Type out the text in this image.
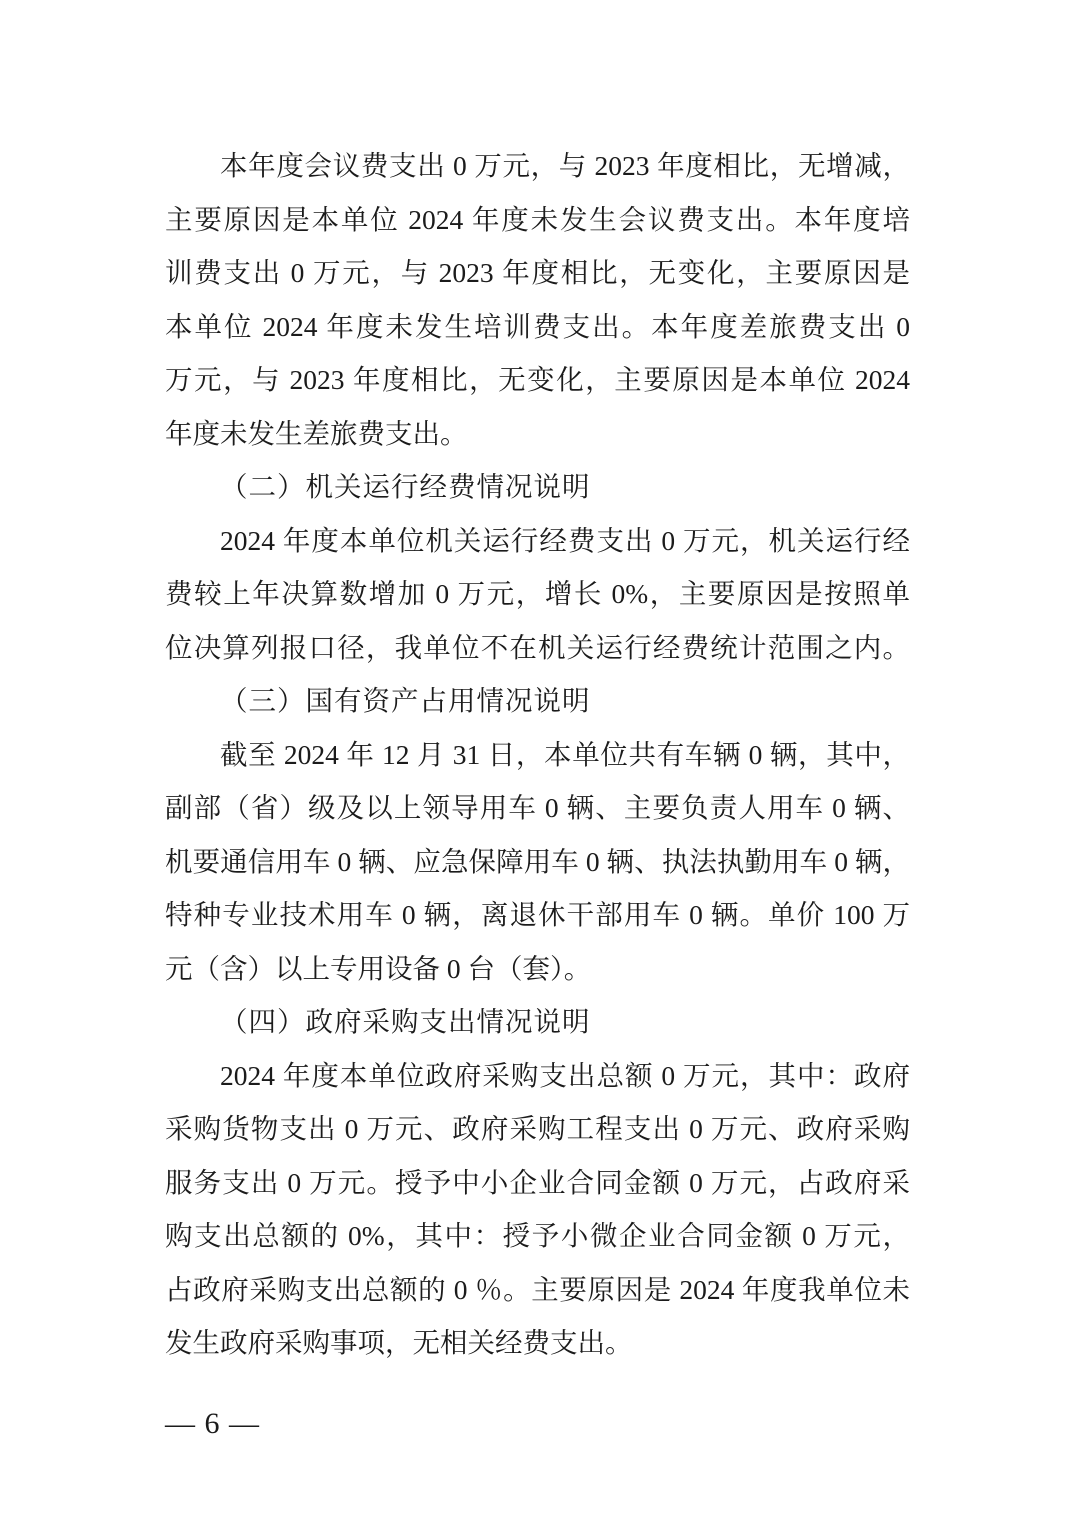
本年度会议费支出 0 万元，与 2023 年度相比，无增减，
主要原因是本单位 2024 年度未发生会议费支出。本年度培
训费支出 0 万元，与 2023 年度相比，无变化，主要原因是
本单位 2024 年度未发生培训费支出。本年度差旅费支出 0
万元，与 2023 年度相比，无变化，主要原因是本单位 2024
年度未发生差旅费支出。
（二）机关运行经费情况说明
2024 年度本单位机关运行经费支出 0 万元，机关运行经
费较上年决算数增加 0 万元，增长 0%，主要原因是按照单
位决算列报口径，我单位不在机关运行经费统计范围之内。
（三）国有资产占用情况说明
截至 2024 年 12 月 31 日，本单位共有车辆 0 辆，其中，
副部（省）级及以上领导用车 0 辆、主要负责人用车 0 辆、
机要通信用车 0 辆、应急保障用车 0 辆、执法执勤用车 0 辆，
特种专业技术用车 0 辆，离退休干部用车 0 辆。单价 100 万
元（含）以上专用设备 0 台（套）。
（四）政府采购支出情况说明
2024 年度本单位政府采购支出总额 0 万元，其中：政府
采购货物支出 0 万元、政府采购工程支出 0 万元、政府采购
服务支出 0 万元。授予中小企业合同金额 0 万元，占政府采
购支出总额的 0%，其中：授予小微企业合同金额 0 万元，
占政府采购支出总额的 0 ％。主要原因是 2024 年度我单位未
发生政府采购事项，无相关经费支出。
— 6 —
